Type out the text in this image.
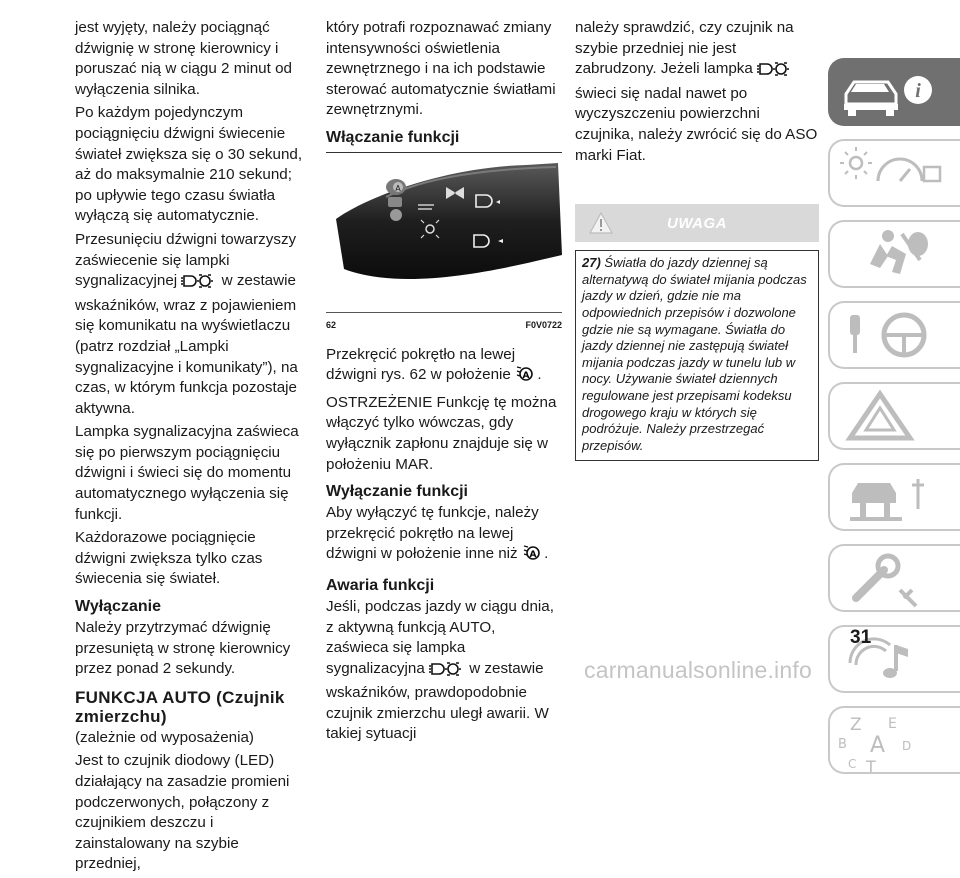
jest wyjęty, należy pociągnąć dźwignię w stronę kierownicy i poruszać nią w ciągu 2 minut od wyłączenia silnika.

Po każdym pojedynczym pociągnięciu dźwigni świecenie świateł zwiększa się o 30 sekund, aż do maksymalnie 210 sekund; po upływie tego czasu światła wyłączą się automatycznie.

Przesunięciu dźwigni towarzyszy zaświecenie się lampki sygnalizacyjnej	w zestawie wskaźników, wraz z pojawieniem się komunikatu na wyświetlaczu (patrz rozdział „Lampki sygnalizacyjne i komunikaty”), na czas, w którym funkcja pozostaje aktywna.

Lampka sygnalizacyjna zaświeca się po pierwszym pociągnięciu dźwigni i świeci się do momentu automatycznego wyłączenia się funkcji.

Każdorazowe pociągnięcie dźwigni zwiększa tylko czas świecenia się świateł.

Wyłączanie

Należy przytrzymać dźwignię przesuniętą w stronę kierownicy przez ponad 2 sekundy.

FUNKCJA AUTO (Czujnik zmierzchu)

(zależnie od wyposażenia)

Jest to czujnik diodowy (LED) działający na zasadzie promieni podczerwonych, połączony z czujnikiem deszczu i zainstalowany na szybie przedniej,

który potrafi rozpoznawać zmiany intensywności oświetlenia zewnętrznego i na ich podstawie sterować automatycznie światłami zewnętrznymi.

Włączanie funkcji
A
62	F0V0722

Przekręcić pokrętło na lewej dźwigni rys. 62 w położenie A .

OSTRZEŻENIE Funkcję tę można włączyć tylko wówczas, gdy wyłącznik zapłonu znajduje się w położeniu MAR.

Wyłączanie funkcji

Aby wyłączyć tę funkcje, należy przekręcić pokrętło na lewej dźwigni w położenie inne niż A .

Awaria funkcji

Jeśli, podczas jazdy w ciągu dnia, z aktywną funkcją AUTO, zaświeca się lampka sygnalizacyjna	w zestawie wskaźników, prawdopodobnie czujnik zmierzchu uległ awarii. W takiej sytuacji

należy sprawdzić, czy czujnik na szybie przedniej nie jest zabrudzony. Jeżeli lampka  świeci się nadal nawet po wyczyszczeniu powierzchni czujnika, należy zwrócić się do ASO marki Fiat.

UWAGA
27) Światła do jazdy dziennej są alternatywą do świateł mijania podczas jazdy w dzień, gdzie nie ma odpowiednich przepisów i dozwolone gdzie nie są wymagane. Światła do jazdy dziennej nie zastępują świateł mijania podczas jazdy w tunelu lub w nocy. Używanie świateł dziennych regulowane jest przepisami kodeksu drogowego kraju w których się podróżuje. Należy przestrzegać przepisów.
i
Z E
B A
C
D
T
31
carmanualsonline.info
